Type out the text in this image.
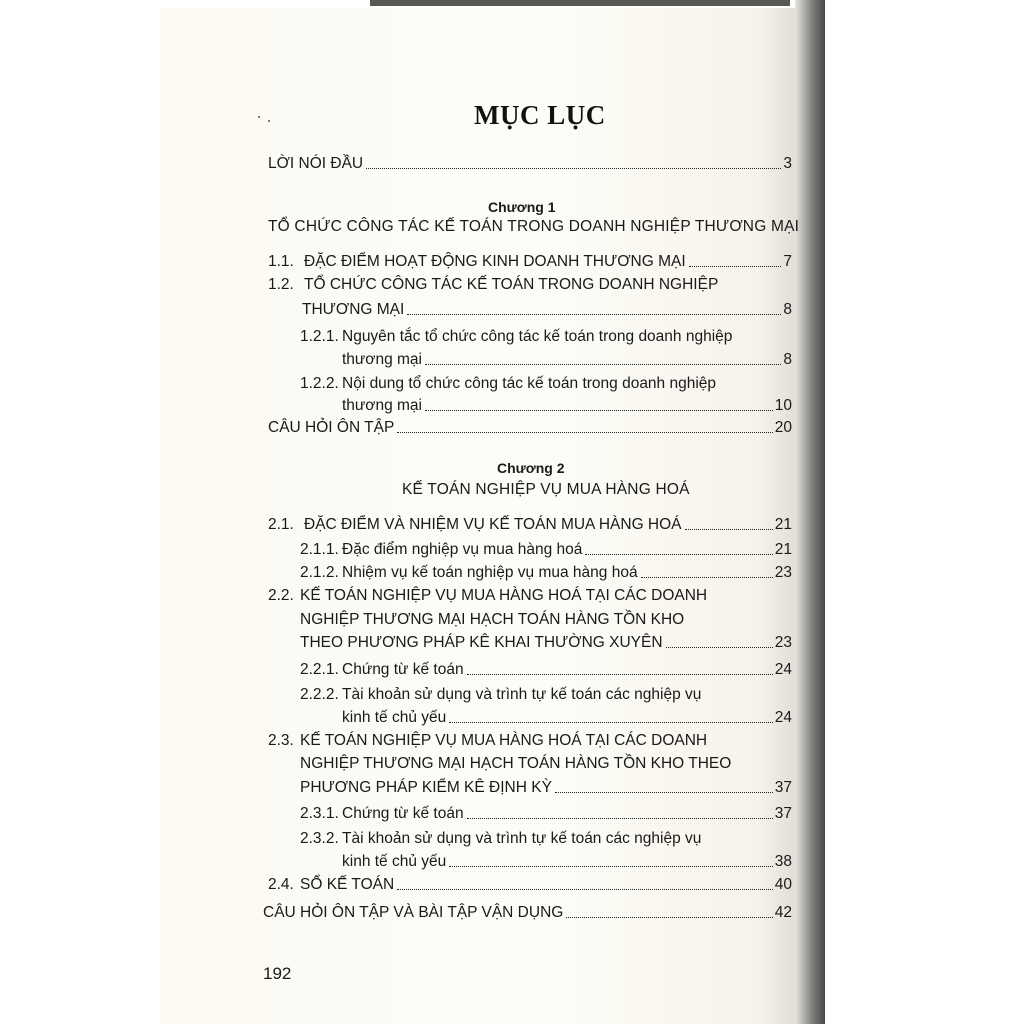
MỤC LỤC
LỜI NÓI ĐẦU	3
Chương 1
TỔ CHỨC CÔNG TÁC KẾ TOÁN TRONG DOANH NGHIỆP THƯƠNG MẠI
1.1. ĐẶC ĐIỂM HOẠT ĐỘNG KINH DOANH THƯƠNG MẠI	7
1.2. TỔ CHỨC CÔNG TÁC KẾ TOÁN TRONG DOANH NGHIỆP
THƯƠNG MẠI	8
1.2.1. Nguyên tắc tổ chức công tác kế toán trong doanh nghiệp
thương mại	8
1.2.2. Nội dung tổ chức công tác kế toán trong doanh nghiệp
thương mại	10
CÂU HỎI ÔN TẬP	20
Chương 2
KẾ TOÁN NGHIỆP VỤ MUA HÀNG HOÁ
2.1. ĐẶC ĐIỂM VÀ NHIỆM VỤ KẾ TOÁN MUA HÀNG HOÁ	21
2.1.1. Đặc điểm nghiệp vụ mua hàng hoá	21
2.1.2. Nhiệm vụ kế toán nghiệp vụ mua hàng hoá	23
2.2. KẾ TOÁN NGHIỆP VỤ MUA HÀNG HOÁ TẠI CÁC DOANH
NGHIỆP THƯƠNG MẠI HẠCH TOÁN HÀNG TỒN KHO
THEO PHƯƠNG PHÁP KÊ KHAI THƯỜNG XUYÊN	23
2.2.1. Chứng từ kế toán	24
2.2.2. Tài khoản sử dụng và trình tự kế toán các nghiệp vụ
kinh tế chủ yếu	24
2.3. KẾ TOÁN NGHIỆP VỤ MUA HÀNG HOÁ TẠI CÁC DOANH
NGHIỆP THƯƠNG MẠI HẠCH TOÁN HÀNG TỒN KHO THEO
PHƯƠNG PHÁP KIỂM KÊ ĐỊNH KỲ	37
2.3.1. Chứng từ kế toán	37
2.3.2. Tài khoản sử dụng và trình tự kế toán các nghiệp vụ
kinh tế chủ yếu	38
2.4. SỔ KẾ TOÁN	40
CÂU HỎI ÔN TẬP VÀ BÀI TẬP VẬN DỤNG	42
192
